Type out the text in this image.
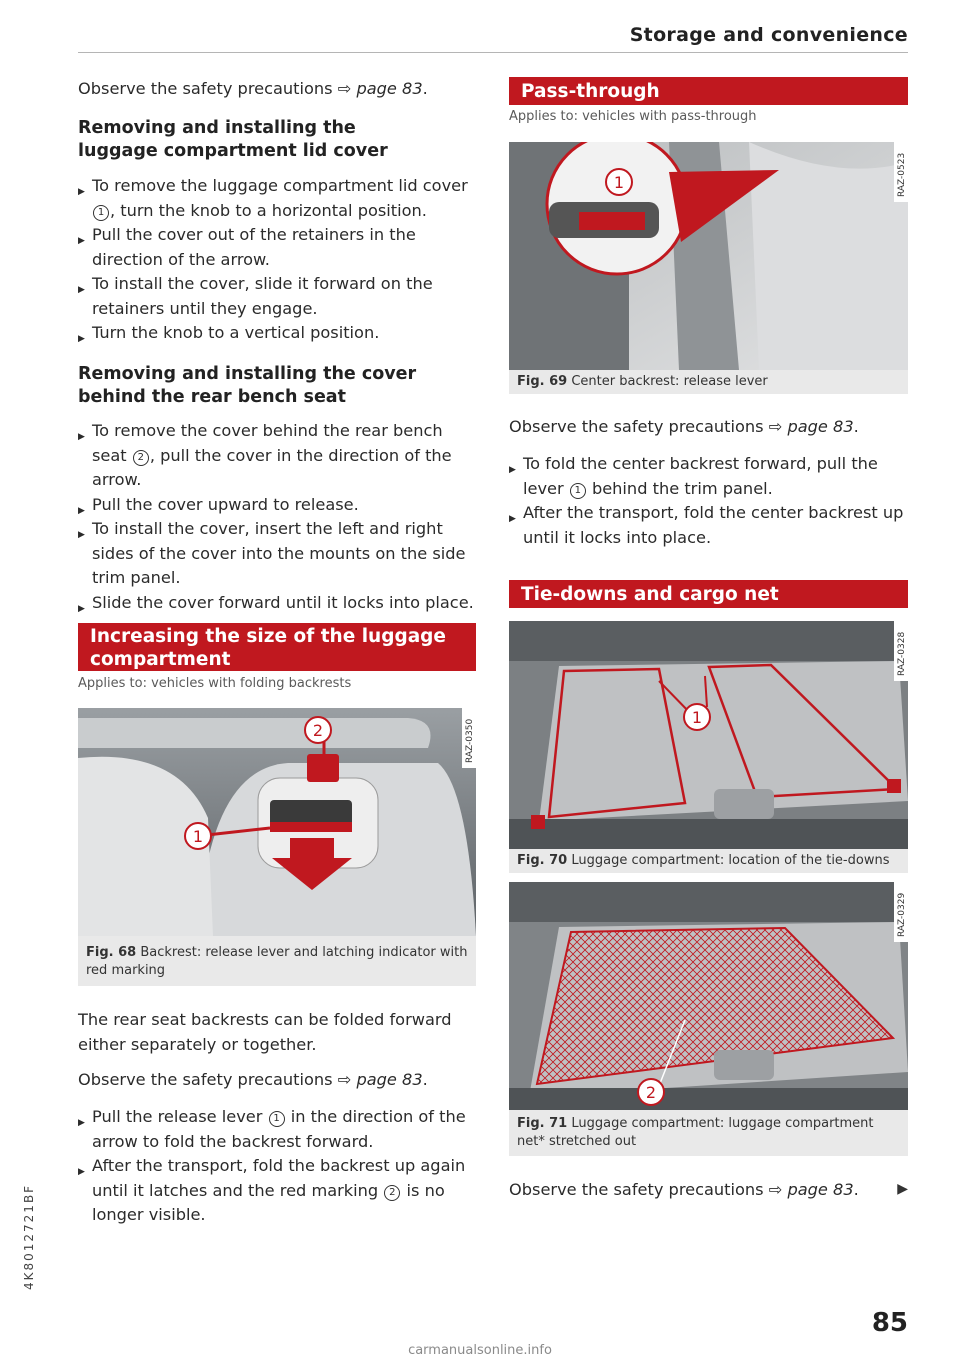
Storage and convenience

Observe the safety precautions ⇨ page 83.

Removing and installing the luggage compartment lid cover

▶ To remove the luggage compartment lid cover 1 , turn the knob to a horizontal position.

▶ Pull the cover out of the retainers in the direction of the arrow.

▶ To install the cover, slide it forward on the retainers until they engage.

▶ Turn the knob to a vertical position.

Removing and installing the cover behind the rear bench seat

▶ To remove the cover behind the rear bench seat 2 , pull the cover in the direction of the arrow.

▶ Pull the cover upward to release.

▶ To install the cover, insert the left and right sides of the cover into the mounts on the side trim panel.

▶ Slide the cover forward until it locks into place.

Increasing the size of the luggage compartment
Applies to: vehicles with folding backrests
1
2	RAZ-0350
Fig. 68 Backrest: release lever and latching indicator with red marking

The rear seat backrests can be folded forward either separately or together.

Observe the safety precautions ⇨ page 83.

▶ Pull the release lever 1 in the direction of the arrow to fold the backrest forward.

▶ After the transport, fold the backrest up again until it latches and the red marking 2 is no longer visible.

Pass-through
Applies to: vehicles with pass-through
1	RAZ-0523
Fig. 69 Center backrest: release lever

Observe the safety precautions ⇨ page 83.

▶ To fold the center backrest forward, pull the lever 1 behind the trim panel.

▶ After the transport, fold the center backrest up until it locks into place.

Tie-downs and cargo net
1
RAZ-0328
Fig. 70 Luggage compartment: location of the tie-downs
2
RAZ-0329
Fig. 71 Luggage compartment: luggage compartment net* stretched out

Observe the safety precautions ⇨ page 83.	▶
4K8012721BF
85
carmanualsonline.info
